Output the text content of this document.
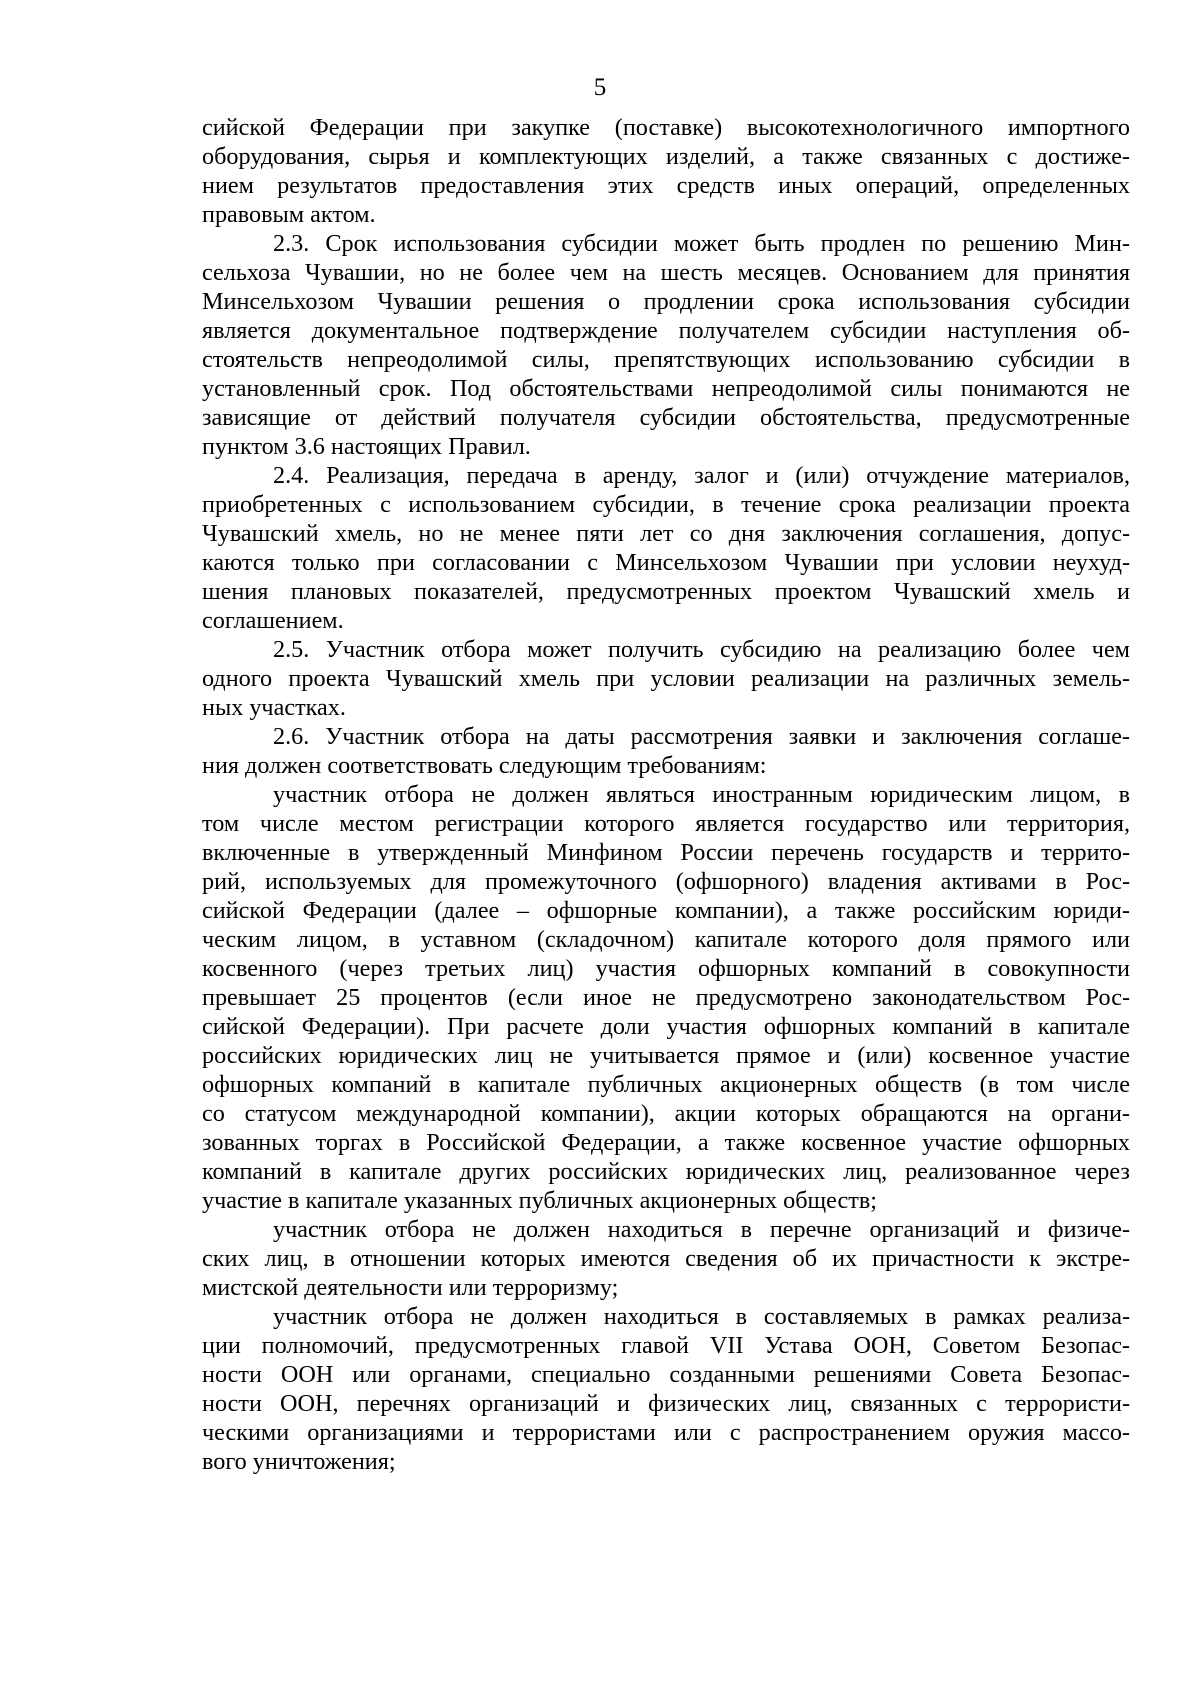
5

сийской Федерации при закупке (поставке) высокотехнологичного импортного

оборудования, сырья и комплектующих изделий, а также связанных с достиже-

нием результатов предоставления этих средств иных операций, определенных

правовым актом.

2.3. Срок использования субсидии может быть продлен по решению Мин-

сельхоза Чувашии, но не более чем на шесть месяцев. Основанием для принятия

Минсельхозом Чувашии решения о продлении срока использования субсидии

является документальное подтверждение получателем субсидии наступления об-

стоятельств непреодолимой силы, препятствующих использованию субсидии в

установленный срок. Под обстоятельствами непреодолимой силы понимаются не

зависящие от действий получателя субсидии обстоятельства, предусмотренные

пунктом 3.6 настоящих Правил.

2.4. Реализация, передача в аренду, залог и (или) отчуждение материалов,

приобретенных с использованием субсидии, в течение срока реализации проекта

Чувашский хмель, но не менее пяти лет со дня заключения соглашения, допус-

каются только при согласовании с Минсельхозом Чувашии при условии неухуд-

шения плановых показателей, предусмотренных проектом Чувашский хмель и

соглашением.

2.5. Участник отбора может получить субсидию на реализацию более чем

одного проекта Чувашский хмель при условии реализации на различных земель-

ных участках.

2.6. Участник отбора на даты рассмотрения заявки и заключения соглаше-

ния должен соответствовать следующим требованиям:

участник отбора не должен являться иностранным юридическим лицом, в

том числе местом регистрации которого является государство или территория,

включенные в утвержденный Минфином России перечень государств и террито-

рий, используемых для промежуточного (офшорного) владения активами в Рос-

сийской Федерации (далее – офшорные компании), а также российским юриди-

ческим лицом, в уставном (складочном) капитале которого доля прямого или

косвенного (через третьих лиц) участия офшорных компаний в совокупности

превышает 25 процентов (если иное не предусмотрено законодательством Рос-

сийской Федерации). При расчете доли участия офшорных компаний в капитале

российских юридических лиц не учитывается прямое и (или) косвенное участие

офшорных компаний в капитале публичных акционерных обществ (в том числе

со статусом международной компании), акции которых обращаются на органи-

зованных торгах в Российской Федерации, а также косвенное участие офшорных

компаний в капитале других российских юридических лиц, реализованное через

участие в капитале указанных публичных акционерных обществ;

участник отбора не должен находиться в перечне организаций и физиче-

ских лиц, в отношении которых имеются сведения об их причастности к экстре-

мистской деятельности или терроризму;

участник отбора не должен находиться в составляемых в рамках реализа-

ции полномочий, предусмотренных главой VII Устава ООН, Советом Безопас-

ности ООН или органами, специально созданными решениями Совета Безопас-

ности ООН, перечнях организаций и физических лиц, связанных с террористи-

ческими организациями и террористами или с распространением оружия массо-

вого уничтожения;
